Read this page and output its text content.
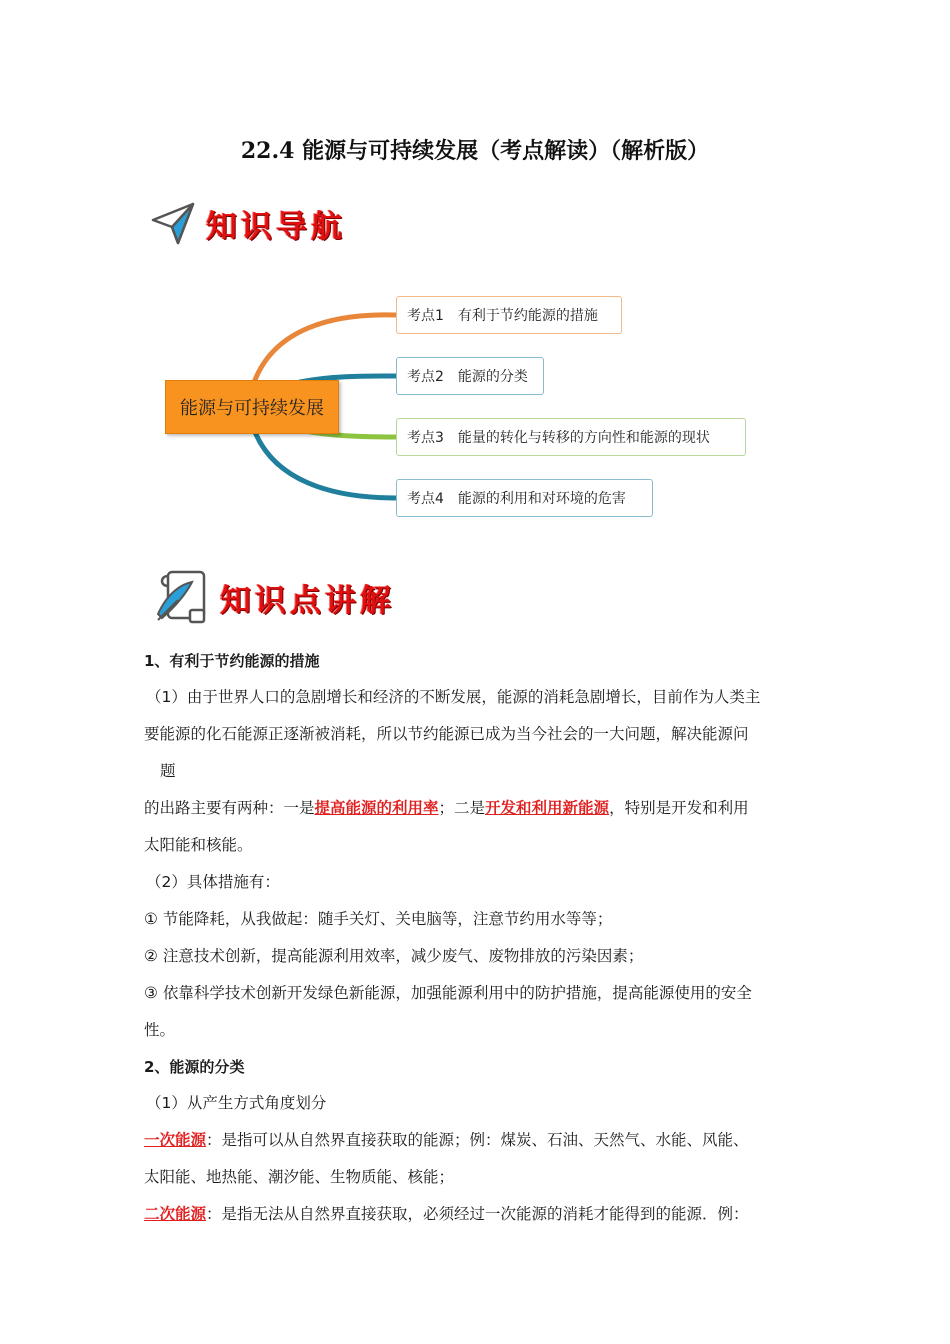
22.4 能源与可持续发展（考点解读）（解析版）
知识导航
能源与可持续发展
考点1 有利于节约能源的措施
考点2 能源的分类
考点3 能量的转化与转移的方向性和能源的现状
考点4 能源的利用和对环境的危害
知识点讲解
1、有利于节约能源的措施
（1）由于世界人口的急剧增长和经济的不断发展，能源的消耗急剧增长，目前作为人类主
要能源的化石能源正逐渐被消耗，所以节约能源已成为当今社会的一大问题，解决能源问
题
的出路主要有两种：一是提高能源的利用率；二是开发和利用新能源，特别是开发和利用
太阳能和核能。
（2）具体措施有：
① 节能降耗，从我做起：随手关灯、关电脑等，注意节约用水等等；
② 注意技术创新，提高能源利用效率，减少废气、废物排放的污染因素；
③ 依靠科学技术创新开发绿色新能源，加强能源利用中的防护措施，提高能源使用的安全
性。
2、能源的分类
（1）从产生方式角度划分
一次能源：是指可以从自然界直接获取的能源；例：煤炭、石油、天然气、水能、风能、
太阳能、地热能、潮汐能、生物质能、核能；
二次能源：是指无法从自然界直接获取，必须经过一次能源的消耗才能得到的能源．例：
